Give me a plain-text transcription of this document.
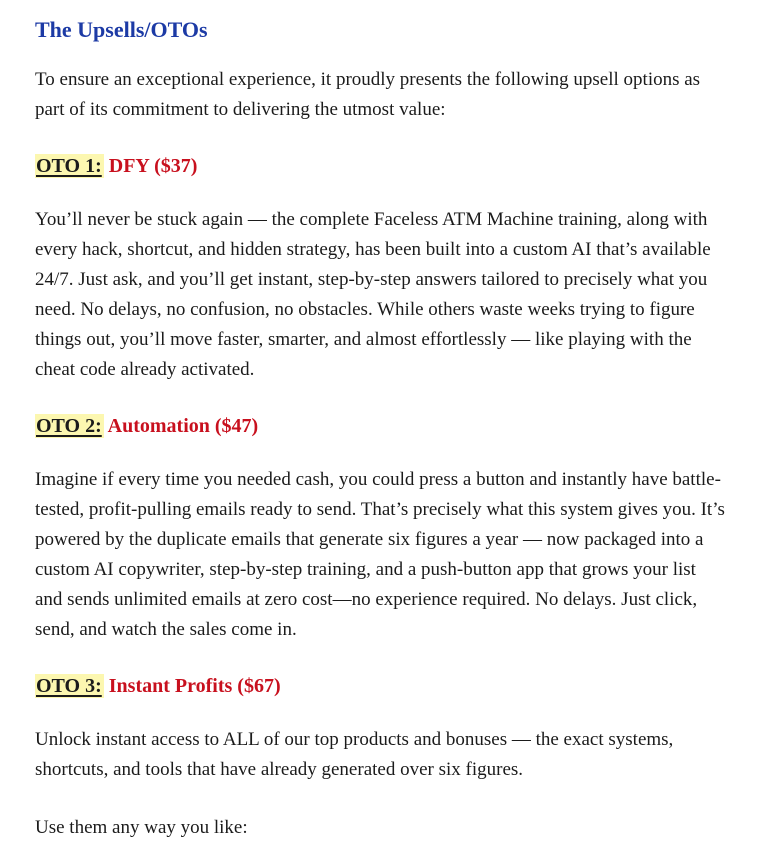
The Upsells/OTOs

To ensure an exceptional experience, it proudly presents the following upsell options as part of its commitment to delivering the utmost value:

OTO 1: DFY ($37)

You’ll never be stuck again — the complete Faceless ATM Machine training, along with every hack, shortcut, and hidden strategy, has been built into a custom AI that’s available 24/7. Just ask, and you’ll get instant, step-by-step answers tailored to precisely what you need. No delays, no confusion, no obstacles. While others waste weeks trying to figure things out, you’ll move faster, smarter, and almost effortlessly — like playing with the cheat code already activated.

OTO 2: Automation ($47)

Imagine if every time you needed cash, you could press a button and instantly have battle-tested, profit-pulling emails ready to send. That’s precisely what this system gives you. It’s powered by the duplicate emails that generate six figures a year — now packaged into a custom AI copywriter, step-by-step training, and a push-button app that grows your list and sends unlimited emails at zero cost—no experience required. No delays. Just click, send, and watch the sales come in.

OTO 3: Instant Profits ($67)

Unlock instant access to ALL of our top products and bonuses — the exact systems, shortcuts, and tools that have already generated over six figures.

Use them any way you like:
